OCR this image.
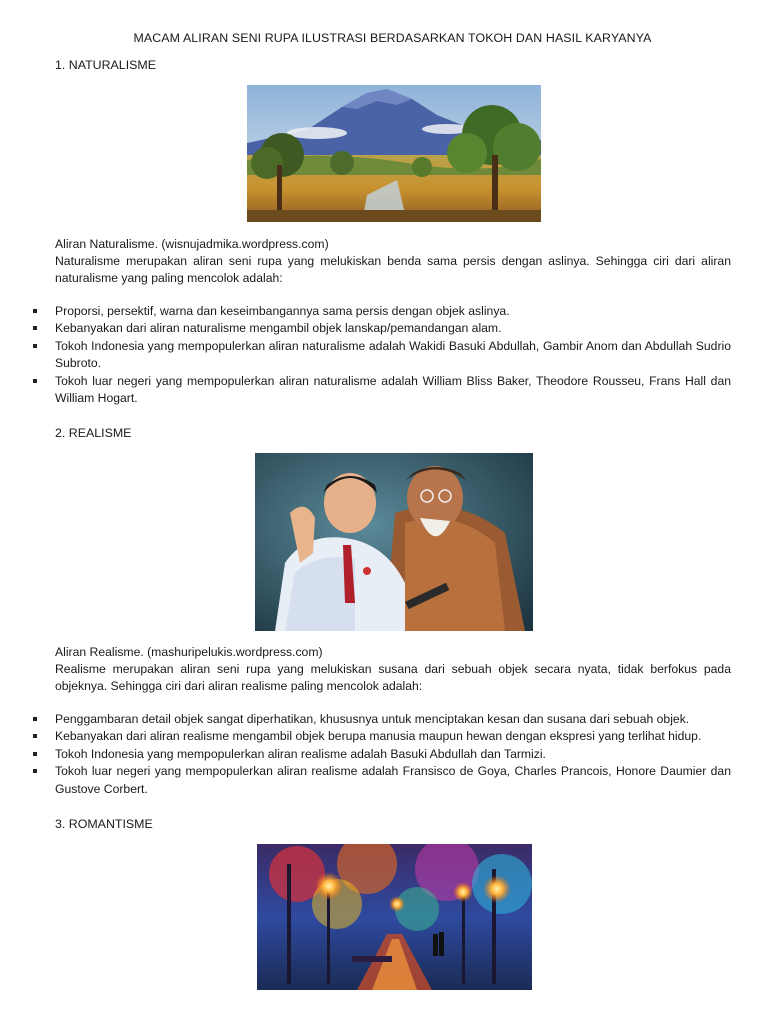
MACAM ALIRAN SENI RUPA ILUSTRASI BERDASARKAN TOKOH DAN HASIL KARYANYA
1. NATURALISME

Aliran Naturalisme. (wisnujadmika.wordpress.com)

Naturalisme merupakan aliran seni rupa yang melukiskan benda sama persis dengan aslinya. Sehingga ciri dari aliran naturalisme yang paling mencolok adalah:

Proporsi, persektif, warna dan keseimbangannya sama persis dengan objek aslinya.
Kebanyakan dari aliran naturalisme mengambil objek lanskap/pemandangan alam.
Tokoh Indonesia yang mempopulerkan aliran naturalisme adalah Wakidi Basuki Abdullah, Gambir Anom dan Abdullah Sudrio Subroto.
Tokoh luar negeri yang mempopulerkan aliran naturalisme adalah William Bliss Baker, Theodore Rousseu, Frans Hall dan William Hogart.
2. REALISME

Aliran Realisme. (mashuripelukis.wordpress.com)

Realisme merupakan aliran seni rupa yang melukiskan susana dari sebuah objek secara nyata, tidak berfokus pada objeknya. Sehingga ciri dari aliran realisme paling mencolok adalah:

Penggambaran detail objek sangat diperhatikan, khususnya untuk menciptakan kesan dan susana dari sebuah objek.
Kebanyakan dari aliran realisme mengambil objek berupa manusia maupun hewan dengan ekspresi yang terlihat hidup.
Tokoh Indonesia yang mempopulerkan aliran realisme adalah Basuki Abdullah dan Tarmizi.
Tokoh luar negeri yang mempopulerkan aliran realisme adalah Fransisco de Goya, Charles Prancois, Honore Daumier dan Gustove Corbert.
3. ROMANTISME
